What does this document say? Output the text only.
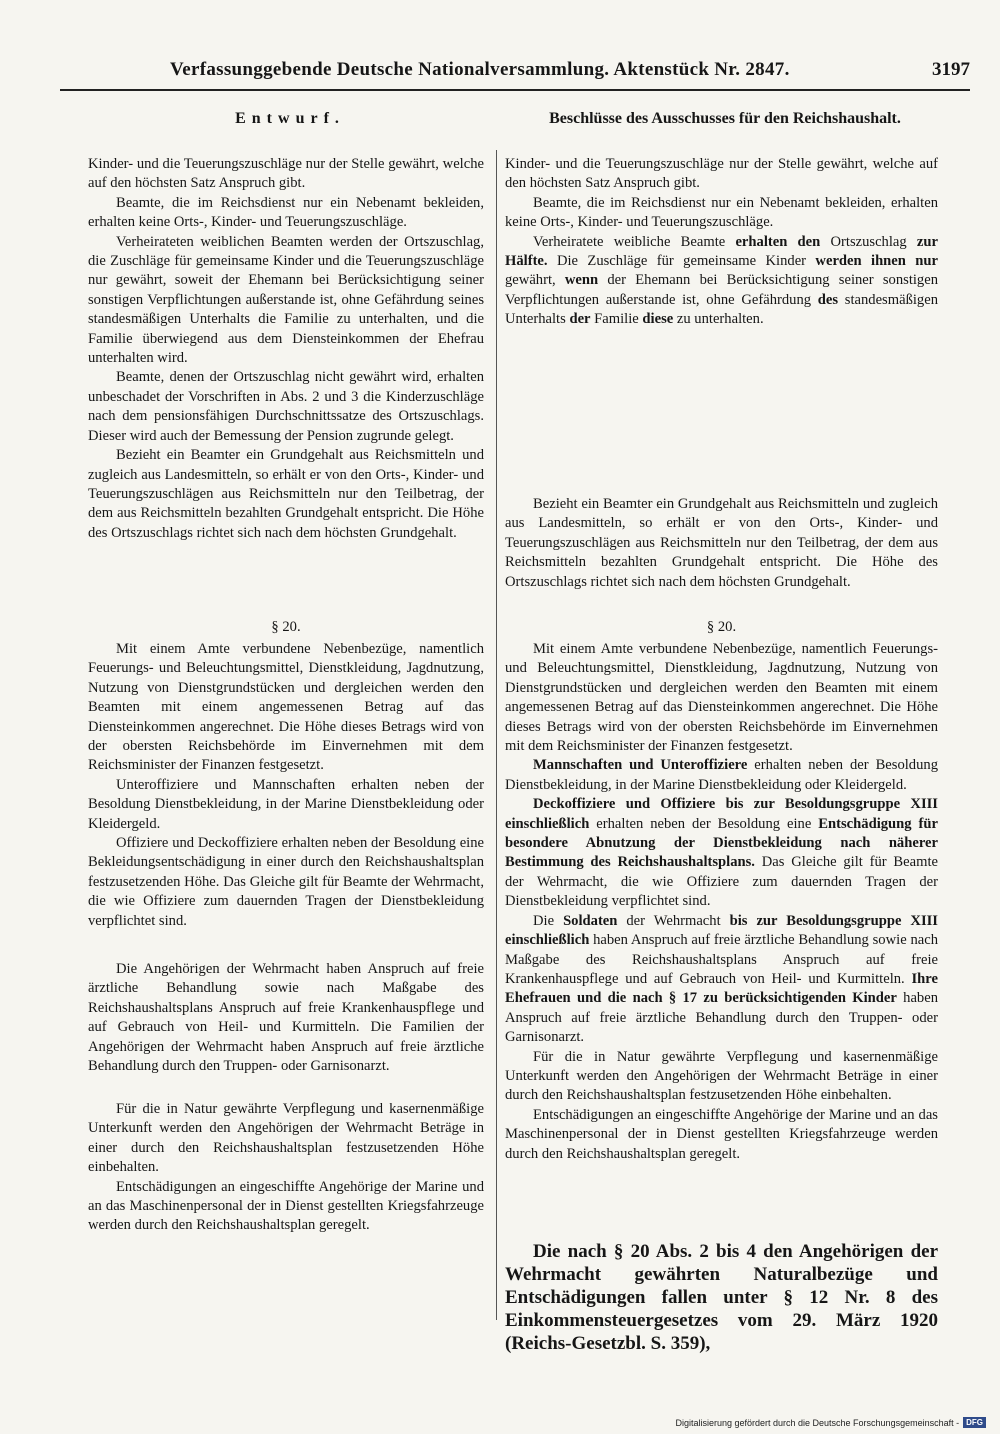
Verfassunggebende Deutsche Nationalversammlung. Aktenstück Nr. 2847.	3197
Entwurf.	Beschlüsse des Ausschusses für den Reichshaushalt.

Kinder- und die Teuerungszuschläge nur der Stelle gewährt, welche auf den höchsten Satz Anspruch gibt.

Beamte, die im Reichsdienst nur ein Nebenamt bekleiden, erhalten keine Orts-, Kinder- und Teuerungszuschläge.

Verheirateten weiblichen Beamten werden der Ortszuschlag, die Zuschläge für gemeinsame Kinder und die Teuerungszuschläge nur gewährt, soweit der Ehemann bei Berücksichtigung seiner sonstigen Verpflichtungen außerstande ist, ohne Gefährdung seines standesmäßigen Unterhalts die Familie zu unterhalten, und die Familie überwiegend aus dem Diensteinkommen der Ehefrau unterhalten wird.

Beamte, denen der Ortszuschlag nicht gewährt wird, erhalten unbeschadet der Vorschriften in Abs. 2 und 3 die Kinderzuschläge nach dem pensionsfähigen Durchschnittssatze des Ortszuschlags. Dieser wird auch der Bemessung der Pension zugrunde gelegt.

Bezieht ein Beamter ein Grundgehalt aus Reichsmitteln und zugleich aus Landesmitteln, so erhält er von den Orts-, Kinder- und Teuerungszuschlägen aus Reichsmitteln nur den Teilbetrag, der dem aus Reichsmitteln bezahlten Grundgehalt entspricht. Die Höhe des Ortszuschlags richtet sich nach dem höchsten Grundgehalt.

§ 20.

Mit einem Amte verbundene Nebenbezüge, namentlich Feuerungs- und Beleuchtungsmittel, Dienstkleidung, Jagdnutzung, Nutzung von Dienstgrundstücken und dergleichen werden den Beamten mit einem angemessenen Betrag auf das Diensteinkommen angerechnet. Die Höhe dieses Betrags wird von der obersten Reichsbehörde im Einvernehmen mit dem Reichsminister der Finanzen festgesetzt.

Unteroffiziere und Mannschaften erhalten neben der Besoldung Dienstbekleidung, in der Marine Dienstbekleidung oder Kleidergeld.

Offiziere und Deckoffiziere erhalten neben der Besoldung eine Bekleidungsentschädigung in einer durch den Reichshaushaltsplan festzusetzenden Höhe. Das Gleiche gilt für Beamte der Wehrmacht, die wie Offiziere zum dauernden Tragen der Dienstbekleidung verpflichtet sind.

Die Angehörigen der Wehrmacht haben Anspruch auf freie ärztliche Behandlung sowie nach Maßgabe des Reichshaushaltsplans Anspruch auf freie Krankenhauspflege und auf Gebrauch von Heil- und Kurmitteln. Die Familien der Angehörigen der Wehrmacht haben Anspruch auf freie ärztliche Behandlung durch den Truppen- oder Garnisonarzt.

Für die in Natur gewährte Verpflegung und kasernenmäßige Unterkunft werden den Angehörigen der Wehrmacht Beträge in einer durch den Reichshaushaltsplan festzusetzenden Höhe einbehalten.

Entschädigungen an eingeschiffte Angehörige der Marine und an das Maschinenpersonal der in Dienst gestellten Kriegsfahrzeuge werden durch den Reichshaushaltsplan geregelt.

Kinder- und die Teuerungszuschläge nur der Stelle gewährt, welche auf den höchsten Satz Anspruch gibt.

Beamte, die im Reichsdienst nur ein Nebenamt bekleiden, erhalten keine Orts-, Kinder- und Teuerungszuschläge.

Verheiratete weibliche Beamte erhalten den Ortszuschlag zur Hälfte. Die Zuschläge für gemeinsame Kinder werden ihnen nur gewährt, wenn der Ehemann bei Berücksichtigung seiner sonstigen Verpflichtungen außerstande ist, ohne Gefährdung des standesmäßigen Unterhalts der Familie diese zu unterhalten.

Bezieht ein Beamter ein Grundgehalt aus Reichsmitteln und zugleich aus Landesmitteln, so erhält er von den Orts-, Kinder- und Teuerungszuschlägen aus Reichsmitteln nur den Teilbetrag, der dem aus Reichsmitteln bezahlten Grundgehalt entspricht. Die Höhe des Ortszuschlags richtet sich nach dem höchsten Grundgehalt.

§ 20.

Mit einem Amte verbundene Nebenbezüge, namentlich Feuerungs- und Beleuchtungsmittel, Dienstkleidung, Jagdnutzung, Nutzung von Dienstgrundstücken und dergleichen werden den Beamten mit einem angemessenen Betrag auf das Diensteinkommen angerechnet. Die Höhe dieses Betrags wird von der obersten Reichsbehörde im Einvernehmen mit dem Reichsminister der Finanzen festgesetzt.

Mannschaften und Unteroffiziere erhalten neben der Besoldung Dienstbekleidung, in der Marine Dienstbekleidung oder Kleidergeld.

Deckoffiziere und Offiziere bis zur Besoldungsgruppe XIII einschließlich erhalten neben der Besoldung eine Entschädigung für besondere Abnutzung der Dienstbekleidung nach näherer Bestimmung des Reichshaushaltsplans. Das Gleiche gilt für Beamte der Wehrmacht, die wie Offiziere zum dauernden Tragen der Dienstbekleidung verpflichtet sind.

Die Soldaten der Wehrmacht bis zur Besoldungsgruppe XIII einschließlich haben Anspruch auf freie ärztliche Behandlung sowie nach Maßgabe des Reichshaushaltsplans Anspruch auf freie Krankenhauspflege und auf Gebrauch von Heil- und Kurmitteln. Ihre Ehefrauen und die nach § 17 zu berücksichtigenden Kinder haben Anspruch auf freie ärztliche Behandlung durch den Truppen- oder Garnisonarzt.

Für die in Natur gewährte Verpflegung und kasernenmäßige Unterkunft werden den Angehörigen der Wehrmacht Beträge in einer durch den Reichshaushaltsplan festzusetzenden Höhe einbehalten.

Entschädigungen an eingeschiffte Angehörige der Marine und an das Maschinenpersonal der in Dienst gestellten Kriegsfahrzeuge werden durch den Reichshaushaltsplan geregelt.

Die nach § 20 Abs. 2 bis 4 den Angehörigen der Wehrmacht gewährten Naturalbezüge und Entschädigungen fallen unter § 12 Nr. 8 des Einkommensteuergesetzes vom 29. März 1920 (Reichs-Gesetzbl. S. 359),

Digitalisierung gefördert durch die Deutsche Forschungsgemeinschaft - DFG
